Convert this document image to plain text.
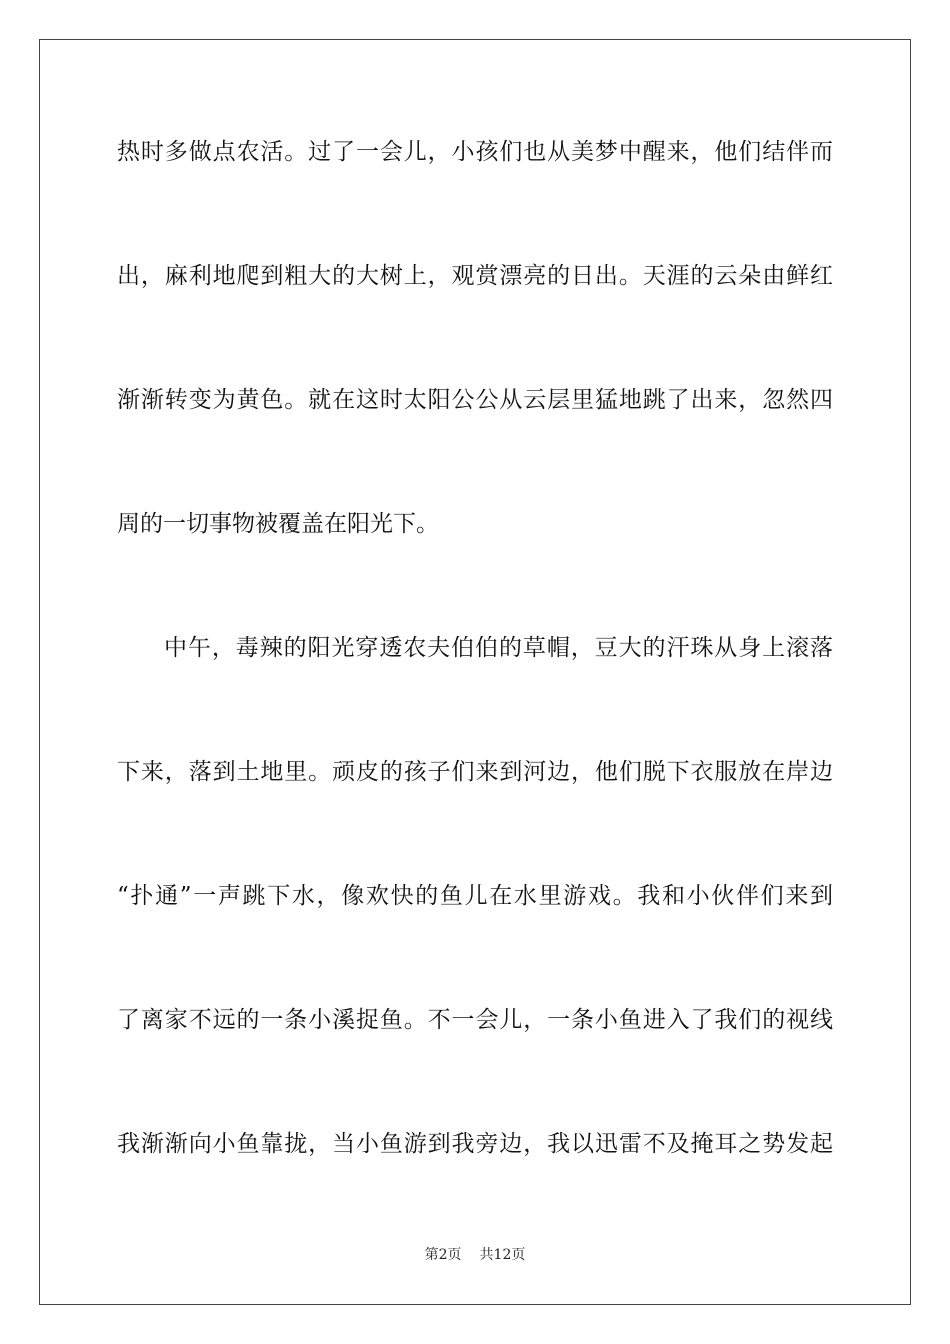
热时多做点农活。过了一会儿，小孩们也从美梦中醒来，他们结伴而
出，麻利地爬到粗大的大树上，观赏漂亮的日出。天涯的云朵由鲜红
渐渐转变为黄色。就在这时太阳公公从云层里猛地跳了出来，忽然四
周的一切事物被覆盖在阳光下。
中午，毒辣的阳光穿透农夫伯伯的草帽，豆大的汗珠从身上滚落
下来，落到土地里。顽皮的孩子们来到河边，他们脱下衣服放在岸边
“扑通”一声跳下水，像欢快的鱼儿在水里游戏。我和小伙伴们来到
了离家不远的一条小溪捉鱼。不一会儿，一条小鱼进入了我们的视线
我渐渐向小鱼靠拢，当小鱼游到我旁边，我以迅雷不及掩耳之势发起
第2页 共12页
